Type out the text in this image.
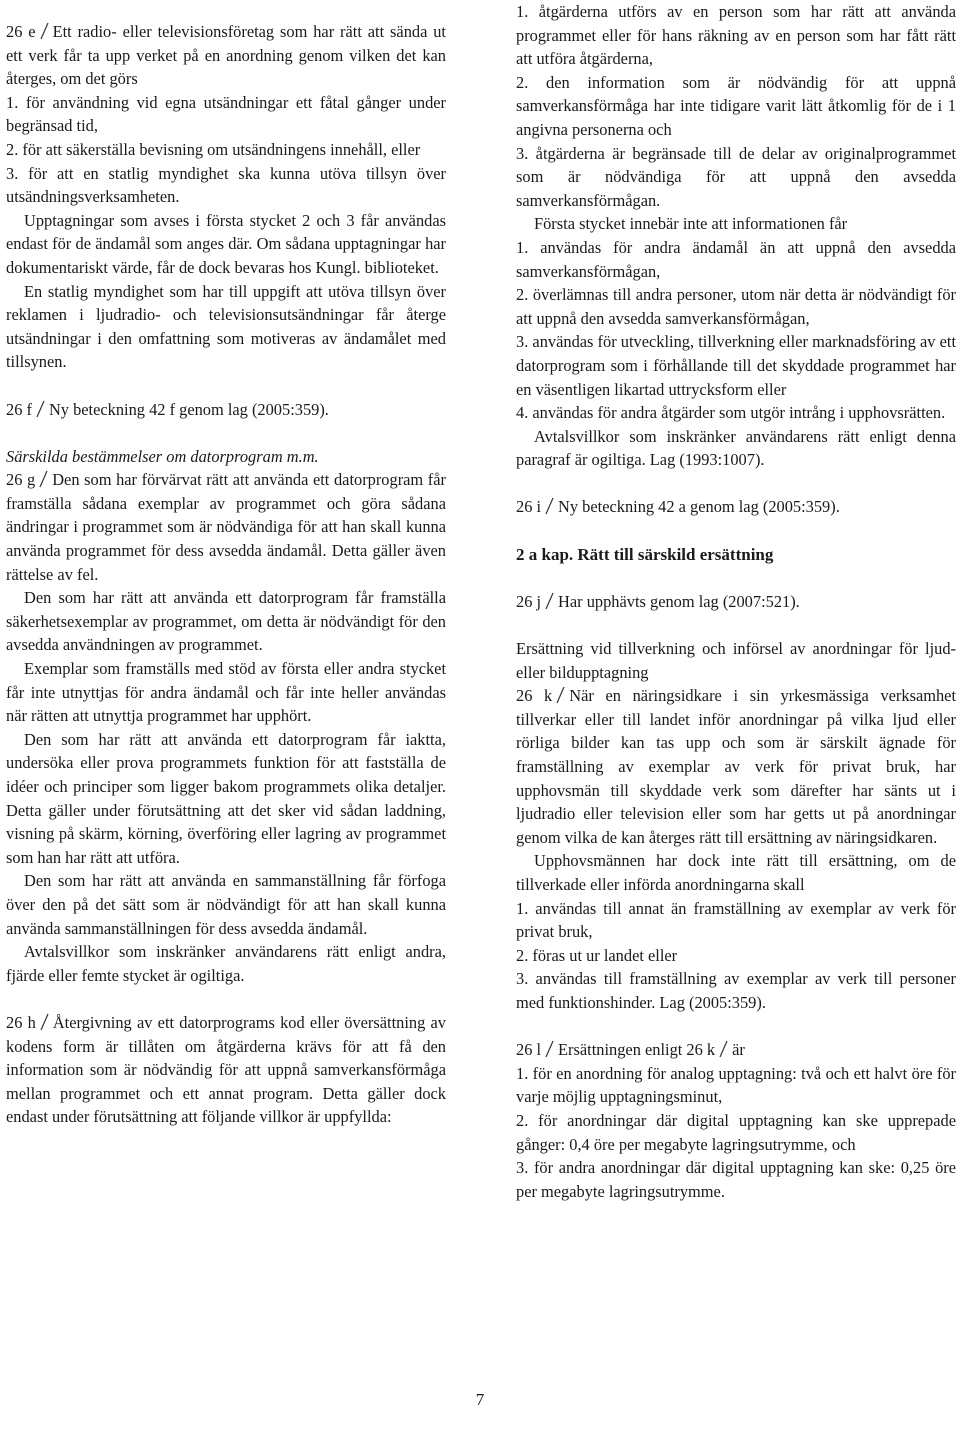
26 e Ett radio- eller televisionsföretag som har rätt att sända ut ett verk får ta upp verket på en anordning genom vilken det kan återges, om det görs

1. för användning vid egna utsändningar ett fåtal gånger under begränsad tid,

2. för att säkerställa bevisning om utsändningens innehåll, eller

3. för att en statlig myndighet ska kunna utöva tillsyn över utsändningsverksamheten.

Upptagningar som avses i första stycket 2 och 3 får användas endast för de ändamål som anges där. Om sådana upptagningar har dokumentariskt värde, får de dock bevaras hos Kungl. biblioteket.

En statlig myndighet som har till uppgift att utöva tillsyn över reklamen i ljudradio- och televisionsutsändningar får återge utsändningar i den omfattning som motiveras av ändamålet med tillsynen.

26 f Ny beteckning 42 f genom lag (2005:359).

Särskilda bestämmelser om datorprogram m.m.

26 g Den som har förvärvat rätt att använda ett datorprogram får framställa sådana exemplar av programmet och göra sådana ändringar i programmet som är nödvändiga för att han skall kunna använda programmet för dess avsedda ändamål. Detta gäller även rättelse av fel.

Den som har rätt att använda ett datorprogram får framställa säkerhetsexemplar av programmet, om detta är nödvändigt för den avsedda användningen av programmet.

Exemplar som framställs med stöd av första eller andra stycket får inte utnyttjas för andra ändamål och får inte heller användas när rätten att utnyttja programmet har upphört.

Den som har rätt att använda ett datorprogram får iaktta, undersöka eller prova programmets funktion för att fastställa de idéer och principer som ligger bakom programmets olika detaljer. Detta gäller under förutsättning att det sker vid sådan laddning, visning på skärm, körning, överföring eller lagring av programmet som han har rätt att utföra.

Den som har rätt att använda en sammanställning får förfoga över den på det sätt som är nödvändigt för att han skall kunna använda sammanställningen för dess avsedda ändamål.

Avtalsvillkor som inskränker användarens rätt enligt andra, fjärde eller femte stycket är ogiltiga.

26 h Återgivning av ett datorprograms kod eller översättning av kodens form är tillåten om åtgärderna krävs för att få den information som är nödvändig för att uppnå samverkansförmåga mellan programmet och ett annat program. Detta gäller dock endast under förutsättning att följande villkor är uppfyllda:

1. åtgärderna utförs av en person som har rätt att använda programmet eller för hans räkning av en person som har fått rätt att utföra åtgärderna,

2. den information som är nödvändig för att uppnå samverkansförmåga har inte tidigare varit lätt åtkomlig för de i 1 angivna personerna och

3. åtgärderna är begränsade till de delar av originalprogrammet som är nödvändiga för att uppnå den avsedda samverkansförmågan.

Första stycket innebär inte att informationen får

1. användas för andra ändamål än att uppnå den avsedda samverkansförmågan,

2. överlämnas till andra personer, utom när detta är nödvändigt för att uppnå den avsedda samverkansförmågan,

3. användas för utveckling, tillverkning eller marknadsföring av ett datorprogram som i förhållande till det skyddade programmet har en väsentligen likartad uttrycksform eller

4. användas för andra åtgärder som utgör intrång i upphovsrätten.

Avtalsvillkor som inskränker användarens rätt enligt denna paragraf är ogiltiga. Lag (1993:1007).

26 i Ny beteckning 42 a genom lag (2005:359).

2 a kap. Rätt till särskild ersättning

26 j Har upphävts genom lag (2007:521).

Ersättning vid tillverkning och införsel av anordningar för ljud- eller bildupptagning

26 k När en näringsidkare i sin yrkesmässiga verksamhet tillverkar eller till landet inför anordningar på vilka ljud eller rörliga bilder kan tas upp och som är särskilt ägnade för framställning av exemplar av verk för privat bruk, har upphovsmän till skyddade verk som därefter har sänts ut i ljudradio eller television eller som har getts ut på anordningar genom vilka de kan återges rätt till ersättning av näringsidkaren.

Upphovsmännen har dock inte rätt till ersättning, om de tillverkade eller införda anordningarna skall

1. användas till annat än framställning av exemplar av verk för privat bruk,

2. föras ut ur landet eller

3. användas till framställning av exemplar av verk till personer med funktionshinder. Lag (2005:359).

26 l Ersättningen enligt 26 k är

1. för en anordning för analog upptagning: två och ett halvt öre för varje möjlig upptagningsminut,

2. för anordningar där digital upptagning kan ske upprepade gånger: 0,4 öre per megabyte lagringsutrymme, och

3. för andra anordningar där digital upptagning kan ske: 0,25 öre per megabyte lagringsutrymme.

7
